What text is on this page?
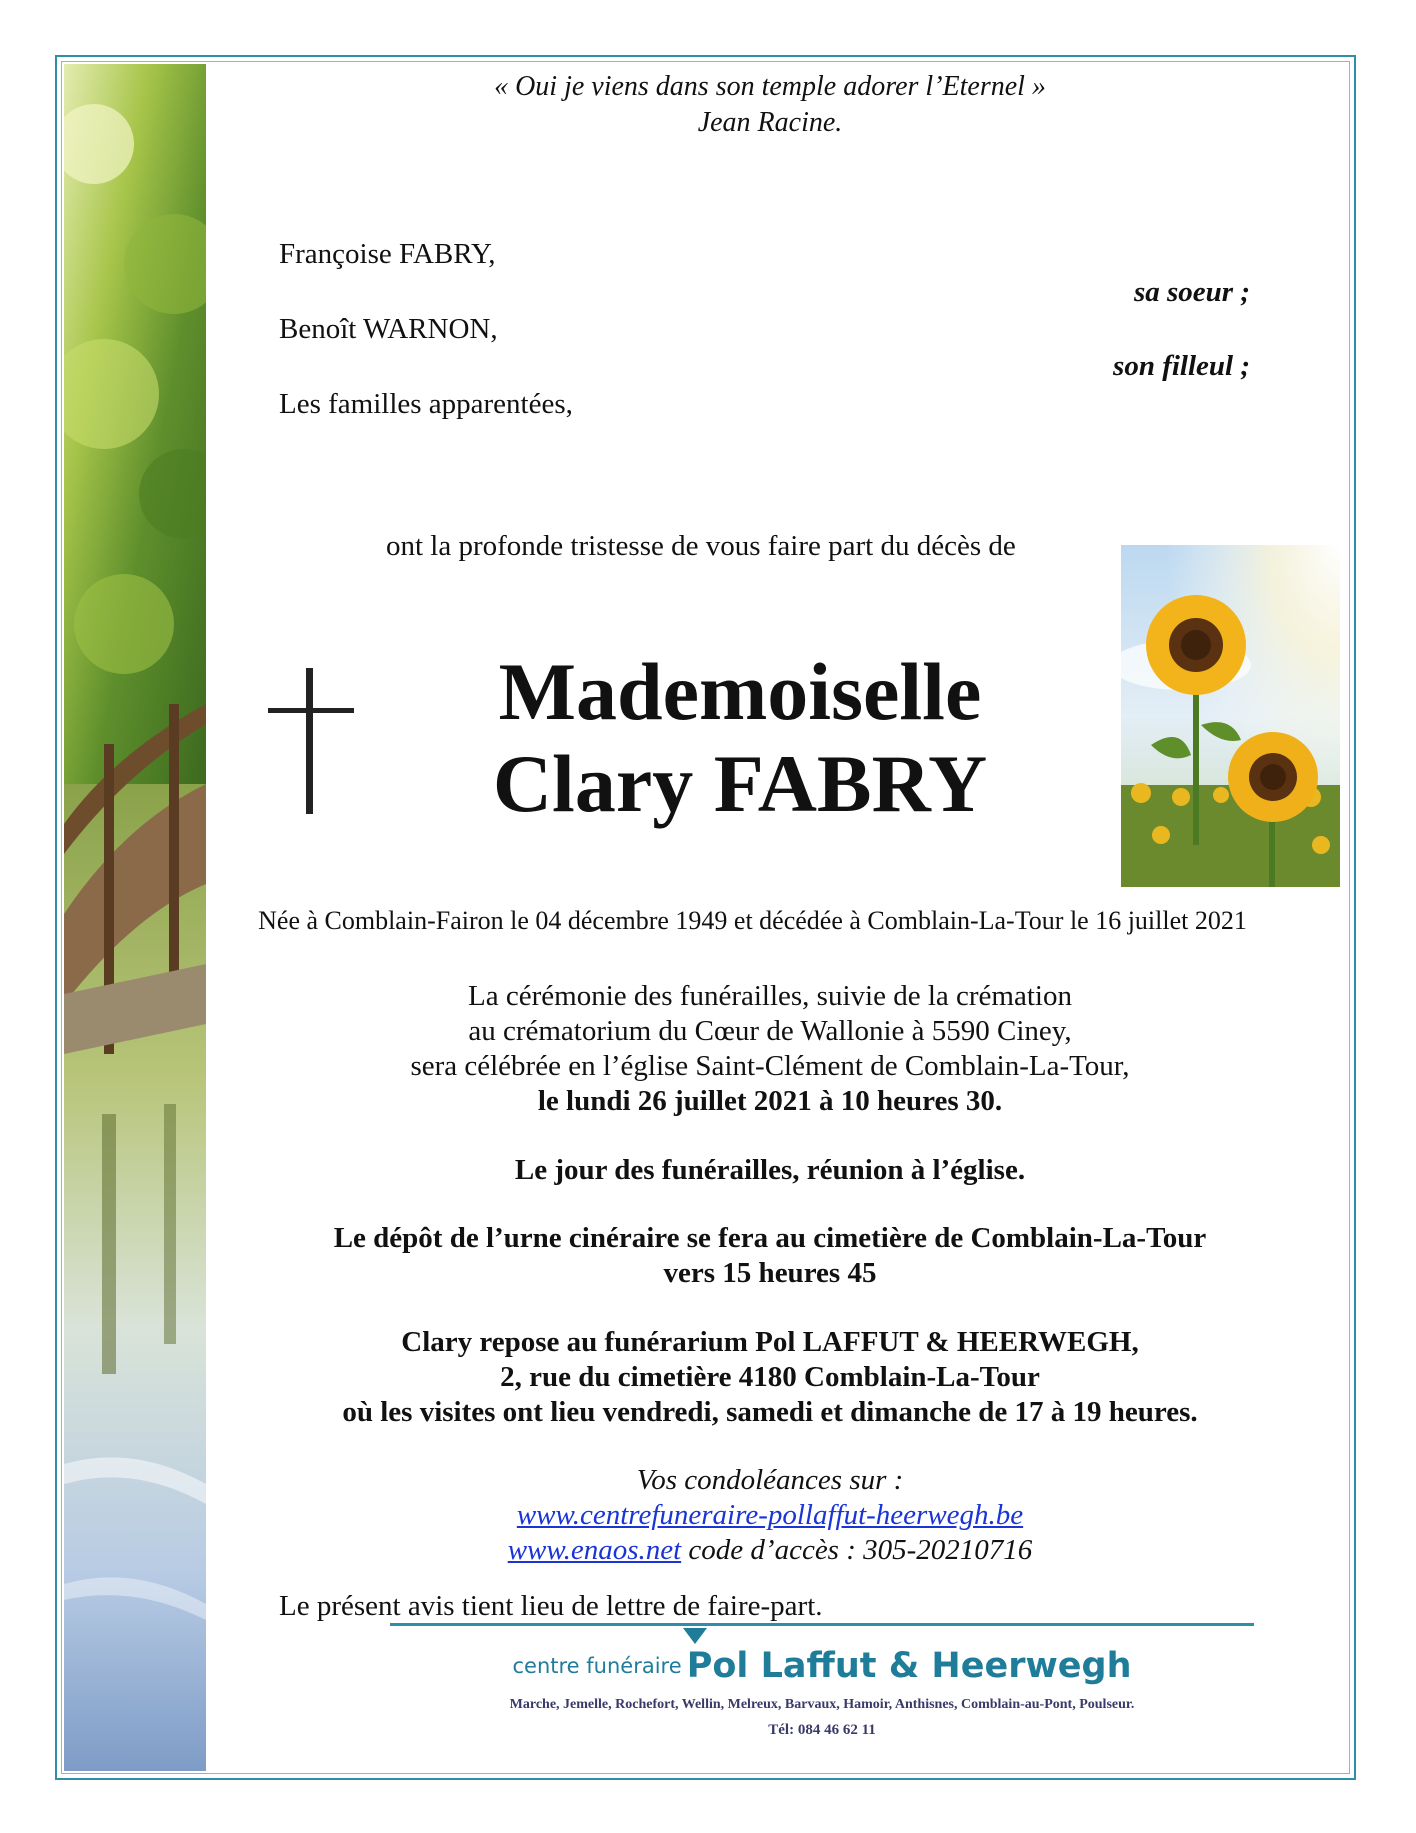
« Oui je viens dans son temple adorer l’Eternel »
Jean Racine.
Françoise FABRY,
sa soeur ;
Benoît WARNON,
son filleul ;
Les familles apparentées,
ont la profonde tristesse de vous faire part du décès de
Mademoiselle
Clary FABRY
Née à Comblain-Fairon le 04 décembre 1949 et décédée à Comblain-La-Tour le 16 juillet 2021
La cérémonie des funérailles, suivie de la crémation
au crématorium du Cœur de Wallonie à 5590 Ciney,
sera célébrée en l’église Saint-Clément de Comblain-La-Tour,
le lundi 26 juillet 2021 à 10 heures 30.
Le jour des funérailles, réunion à l’église.
Le dépôt de l’urne cinéraire se fera au cimetière de Comblain-La-Tour
vers 15 heures 45
Clary repose au funérarium Pol LAFFUT & HEERWEGH,
2, rue du cimetière 4180 Comblain-La-Tour
où les visites ont lieu vendredi, samedi et dimanche de 17 à 19 heures.
Vos condoléances sur :
www.centrefuneraire-pollaffut-heerwegh.be
www.enaos.net code d’accès : 305-20210716
Le présent avis tient lieu de lettre de faire-part.
centre funéraire Pol Laffut & Heerwegh
Marche, Jemelle, Rochefort, Wellin, Melreux, Barvaux, Hamoir, Anthisnes, Comblain-au-Pont, Poulseur.
Tél: 084 46 62 11
